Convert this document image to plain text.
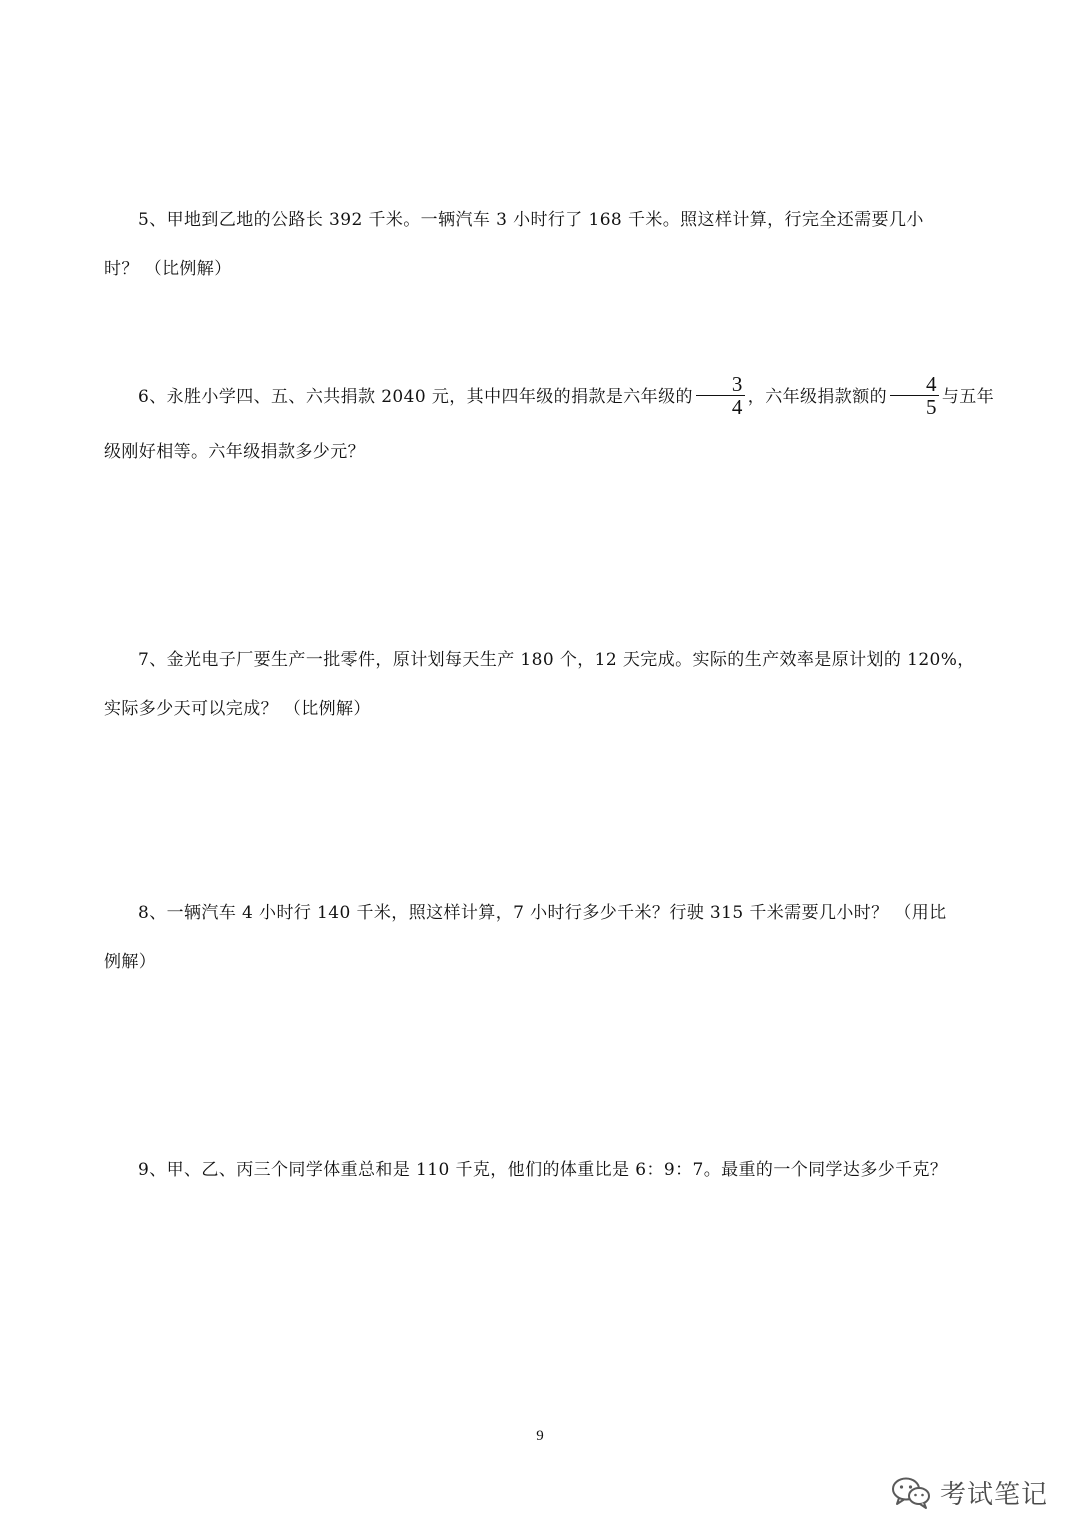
5、甲地到乙地的公路长 392 千米。一辆汽车 3 小时行了 168 千米。照这样计算，行完全还需要几小
时？ （比例解）
6、永胜小学四、五、六共捐款 2040 元，其中四年级的捐款是六年级的 $\frac{3}{4}$ ，六年级捐款额的 $\frac{4}{5}$ 与五年
级刚好相等。六年级捐款多少元？
7、金光电子厂要生产一批零件，原计划每天生产 180 个，12 天完成。实际的生产效率是原计划的 120%，
实际多少天可以完成？ （比例解）
8、一辆汽车 4 小时行 140 千米，照这样计算，7 小时行多少千米？行驶 315 千米需要几小时？ （用比
例解）
9、甲、乙、丙三个同学体重总和是 110 千克，他们的体重比是 6：9：7。最重的一个同学达多少千克？
9
考试笔记
